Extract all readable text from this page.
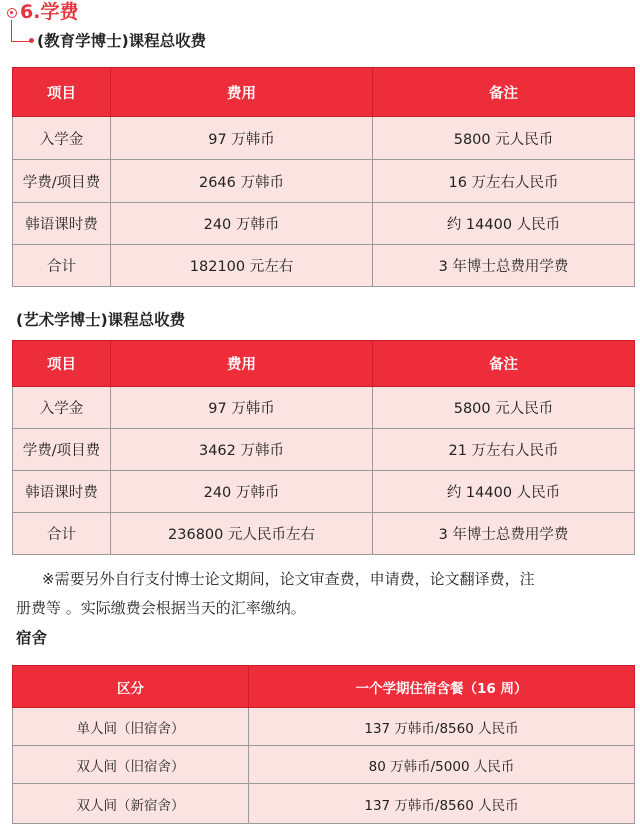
6.学费
(教育学博士)课程总收费
项目	费用	备注
入学金	97 万韩币	5800 元人民币
学费/项目费	2646 万韩币	16 万左右人民币
韩语课时费	240 万韩币	约 14400 人民币
合计	182100 元左右	3 年博士总费用学费
(艺术学博士)课程总收费
项目	费用	备注
入学金	97 万韩币	5800 元人民币
学费/项目费	3462 万韩币	21 万左右人民币
韩语课时费	240 万韩币	约 14400 人民币
合计	236800 元人民币左右	3 年博士总费用学费
※需要另外自行支付博士论文期间，论文审查费，申请费，论文翻译费，注
册费等 。实际缴费会根据当天的汇率缴纳。
宿舍
区分	一个学期住宿含餐（16 周）
单人间（旧宿舍）	137 万韩币/8560 人民币
双人间（旧宿舍）	80 万韩币/5000 人民币
双人间（新宿舍）	137 万韩币/8560 人民币
